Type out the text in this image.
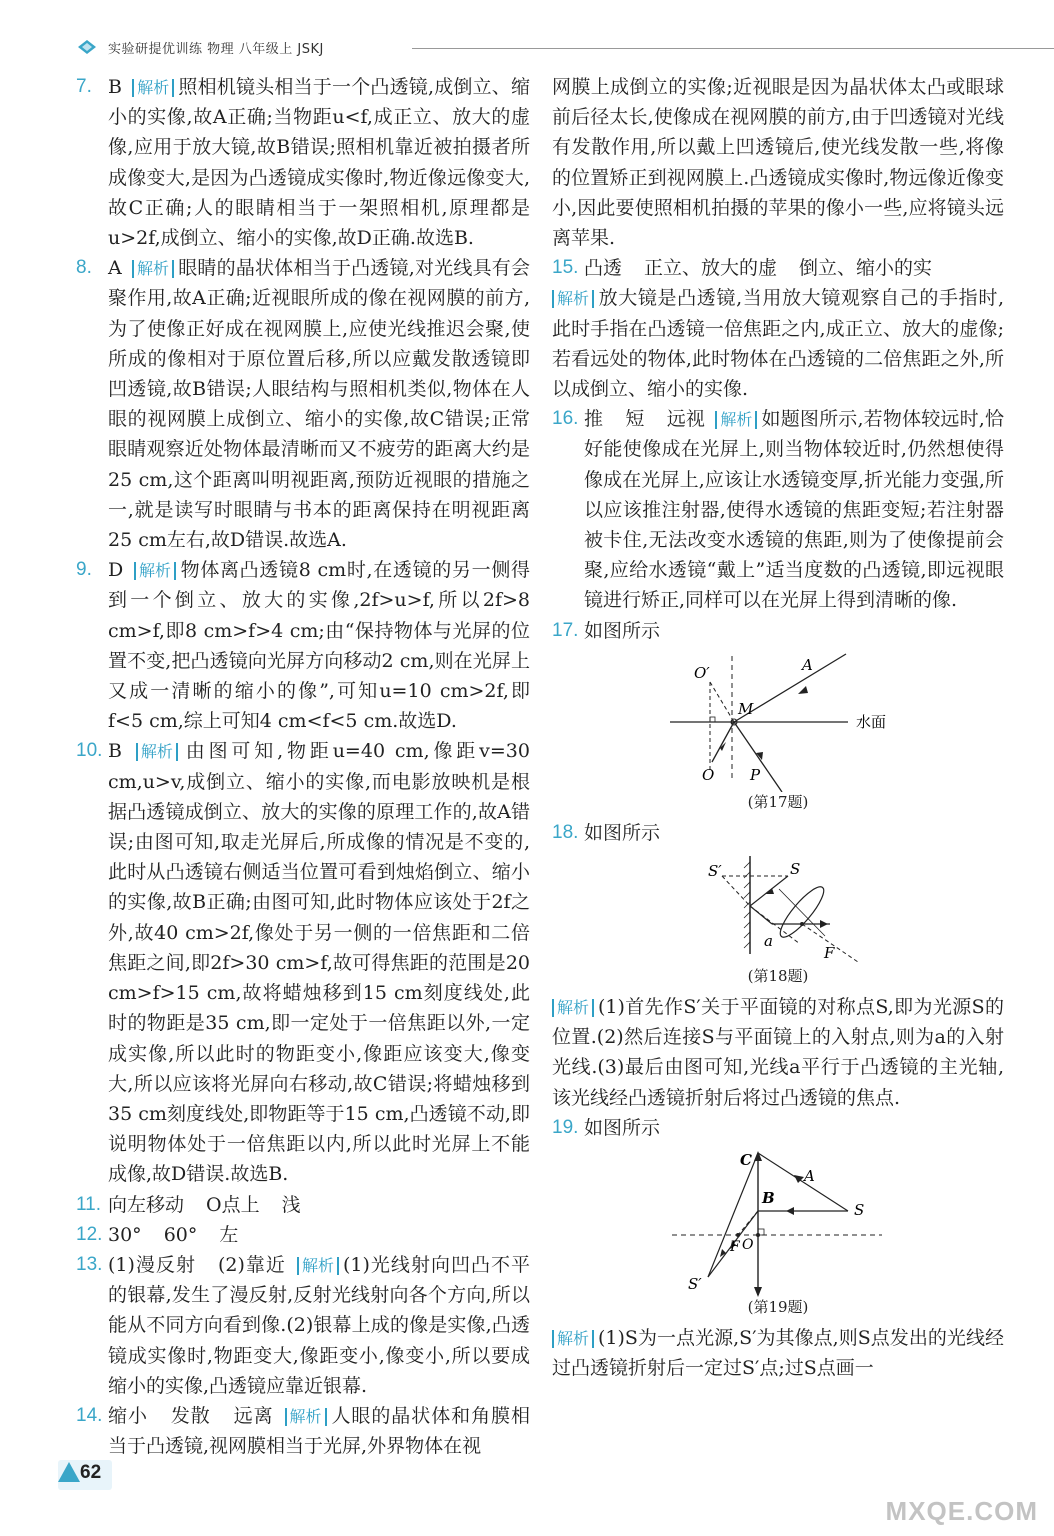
实验研提优训练 物理 八年级上 JSKJ
7. B 解析 照相机镜头相当于一个凸透镜,成倒立、缩小的实像,故A正确;当物距u<f,成正立、放大的虚像,应用于放大镜,故B错误;照相机靠近被拍摄者所成像变大,是因为凸透镜成实像时,物近像远像变大,故C正确;人的眼睛相当于一架照相机,原理都是u>2f,成倒立、缩小的实像,故D正确.故选B.
8. A 解析 眼睛的晶状体相当于凸透镜,对光线具有会聚作用,故A正确;近视眼所成的像在视网膜的前方,为了使像正好成在视网膜上,应使光线推迟会聚,使所成的像相对于原位置后移,所以应戴发散透镜即凹透镜,故B错误;人眼结构与照相机类似,物体在人眼的视网膜上成倒立、缩小的实像,故C错误;正常眼睛观察近处物体最清晰而又不疲劳的距离大约是25 cm,这个距离叫明视距离,预防近视眼的措施之一,就是读写时眼睛与书本的距离保持在明视距离25 cm左右,故D错误.故选A.
9. D 解析 物体离凸透镜8 cm时,在透镜的另一侧得到一个倒立、放大的实像,2f>u>f,所以2f>8 cm>f,即8 cm>f>4 cm;由“保持物体与光屏的位置不变,把凸透镜向光屏方向移动2 cm,则在光屏上又成一清晰的缩小的像”,可知u=10 cm>2f,即f<5 cm,综上可知4 cm<f<5 cm.故选D.
10. B 解析 由图可知,物距u=40 cm,像距v=30 cm,u>v,成倒立、缩小的实像,而电影放映机是根据凸透镜成倒立、放大的实像的原理工作的,故A错误;由图可知,取走光屏后,所成像的情况是不变的,此时从凸透镜右侧适当位置可看到烛焰倒立、缩小的实像,故B正确;由图可知,此时物体应该处于2f之外,故40 cm>2f,像处于另一侧的一倍焦距和二倍焦距之间,即2f>30 cm>f,故可得焦距的范围是20 cm>f>15 cm,故将蜡烛移到15 cm刻度线处,此时的物距是35 cm,即一定处于一倍焦距以外,一定成实像,所以此时的物距变小,像距应该变大,像变大,所以应该将光屏向右移动,故C错误;将蜡烛移到35 cm刻度线处,即物距等于15 cm,凸透镜不动,即说明物体处于一倍焦距以内,所以此时光屏上不能成像,故D错误.故选B.
11. 向左移动 O点上 浅
12. 30° 60° 左
13. (1)漫反射 (2)靠近 解析 (1)光线射向凹凸不平的银幕,发生了漫反射,反射光线射向各个方向,所以能从不同方向看到像.(2)银幕上成的像是实像,凸透镜成实像时,物距变大,像距变小,像变小,所以要成缩小的实像,凸透镜应靠近银幕.
14. 缩小 发散 远离 解析 人眼的晶状体和角膜相当于凸透镜,视网膜相当于光屏,外界物体在视
网膜上成倒立的实像;近视眼是因为晶状体太凸或眼球前后径太长,使像成在视网膜的前方,由于凹透镜对光线有发散作用,所以戴上凹透镜后,使光线发散一些,将像的位置矫正到视网膜上.凸透镜成实像时,物远像近像变小,因此要使照相机拍摄的苹果的像小一些,应将镜头远离苹果.
15. 凸透 正立、放大的虚 倒立、缩小的实
解析 放大镜是凸透镜,当用放大镜观察自己的手指时,此时手指在凸透镜一倍焦距之内,成正立、放大的虚像;若看远处的物体,此时物体在凸透镜的二倍焦距之外,所以成倒立、缩小的实像.
16. 推 短 远视 解析 如题图所示,若物体较远时,恰好能使像成在光屏上,则当物体较近时,仍然想使得像成在光屏上,应该让水透镜变厚,折光能力变强,所以应该推注射器,使得水透镜的焦距变短;若注射器被卡住,无法改变水透镜的焦距,则为了使像提前会聚,应给水透镜“戴上”适当度数的凸透镜,即远视眼镜进行矫正,同样可以在光屏上得到清晰的像.
17. 如图所示
O′	A
M
水面
O P
(第17题)
18. 如图所示
S′	S
a
F
(第18题)
解析 (1)首先作S′关于平面镜的对称点S,即为光源S的位置.(2)然后连接S与平面镜上的入射点,则为a的入射光线.(3)最后由图可知,光线a平行于凸透镜的主光轴,该光线经凸透镜折射后将过凸透镜的焦点.
19. 如图所示
C
A
B
S
F O
S′
(第19题)
解析 (1)S为一点光源,S′为其像点,则S点发出的光线经过凸透镜折射后一定过S′点;过S点画一
62
MXQE.COM
